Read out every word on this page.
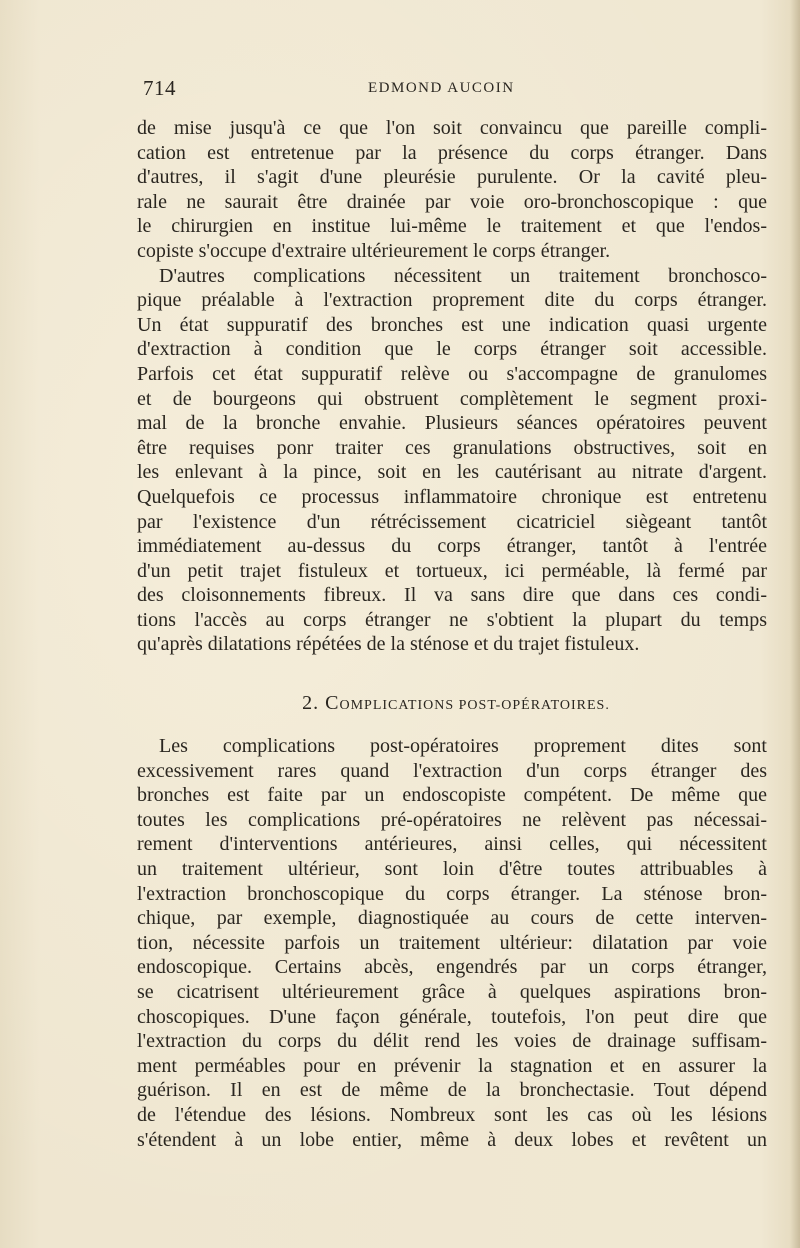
714	EDMOND AUCOIN
de mise jusqu'à ce que l'on soit convaincu que pareille compli-
cation est entretenue par la présence du corps étranger. Dans
d'autres, il s'agit d'une pleurésie purulente. Or la cavité pleu-
rale ne saurait être drainée par voie oro-bronchoscopique : que
le chirurgien en institue lui-même le traitement et que l'endos-
copiste s'occupe d'extraire ultérieurement le corps étranger.
D'autres complications nécessitent un traitement bronchosco-
pique préalable à l'extraction proprement dite du corps étranger.
Un état suppuratif des bronches est une indication quasi urgente
d'extraction à condition que le corps étranger soit accessible.
Parfois cet état suppuratif relève ou s'accompagne de granulomes
et de bourgeons qui obstruent complètement le segment proxi-
mal de la bronche envahie. Plusieurs séances opératoires peuvent
être requises ponr traiter ces granulations obstructives, soit en
les enlevant à la pince, soit en les cautérisant au nitrate d'argent.
Quelquefois ce processus inflammatoire chronique est entretenu
par l'existence d'un rétrécissement cicatriciel siègeant tantôt
immédiatement au-dessus du corps étranger, tantôt à l'entrée
d'un petit trajet fistuleux et tortueux, ici perméable, là fermé par
des cloisonnements fibreux. Il va sans dire que dans ces condi-
tions l'accès au corps étranger ne s'obtient la plupart du temps
qu'après dilatations répétées de la sténose et du trajet fistuleux.
2. COMPLICATIONS POST-OPÉRATOIRES.
Les complications post-opératoires proprement dites sont
excessivement rares quand l'extraction d'un corps étranger des
bronches est faite par un endoscopiste compétent. De même que
toutes les complications pré-opératoires ne relèvent pas nécessai-
rement d'interventions antérieures, ainsi celles, qui nécessitent
un traitement ultérieur, sont loin d'être toutes attribuables à
l'extraction bronchoscopique du corps étranger. La sténose bron-
chique, par exemple, diagnostiquée au cours de cette interven-
tion, nécessite parfois un traitement ultérieur: dilatation par voie
endoscopique. Certains abcès, engendrés par un corps étranger,
se cicatrisent ultérieurement grâce à quelques aspirations bron-
choscopiques. D'une façon générale, toutefois, l'on peut dire que
l'extraction du corps du délit rend les voies de drainage suffisam-
ment perméables pour en prévenir la stagnation et en assurer la
guérison. Il en est de même de la bronchectasie. Tout dépend
de l'étendue des lésions. Nombreux sont les cas où les lésions
s'étendent à un lobe entier, même à deux lobes et revêtent un
